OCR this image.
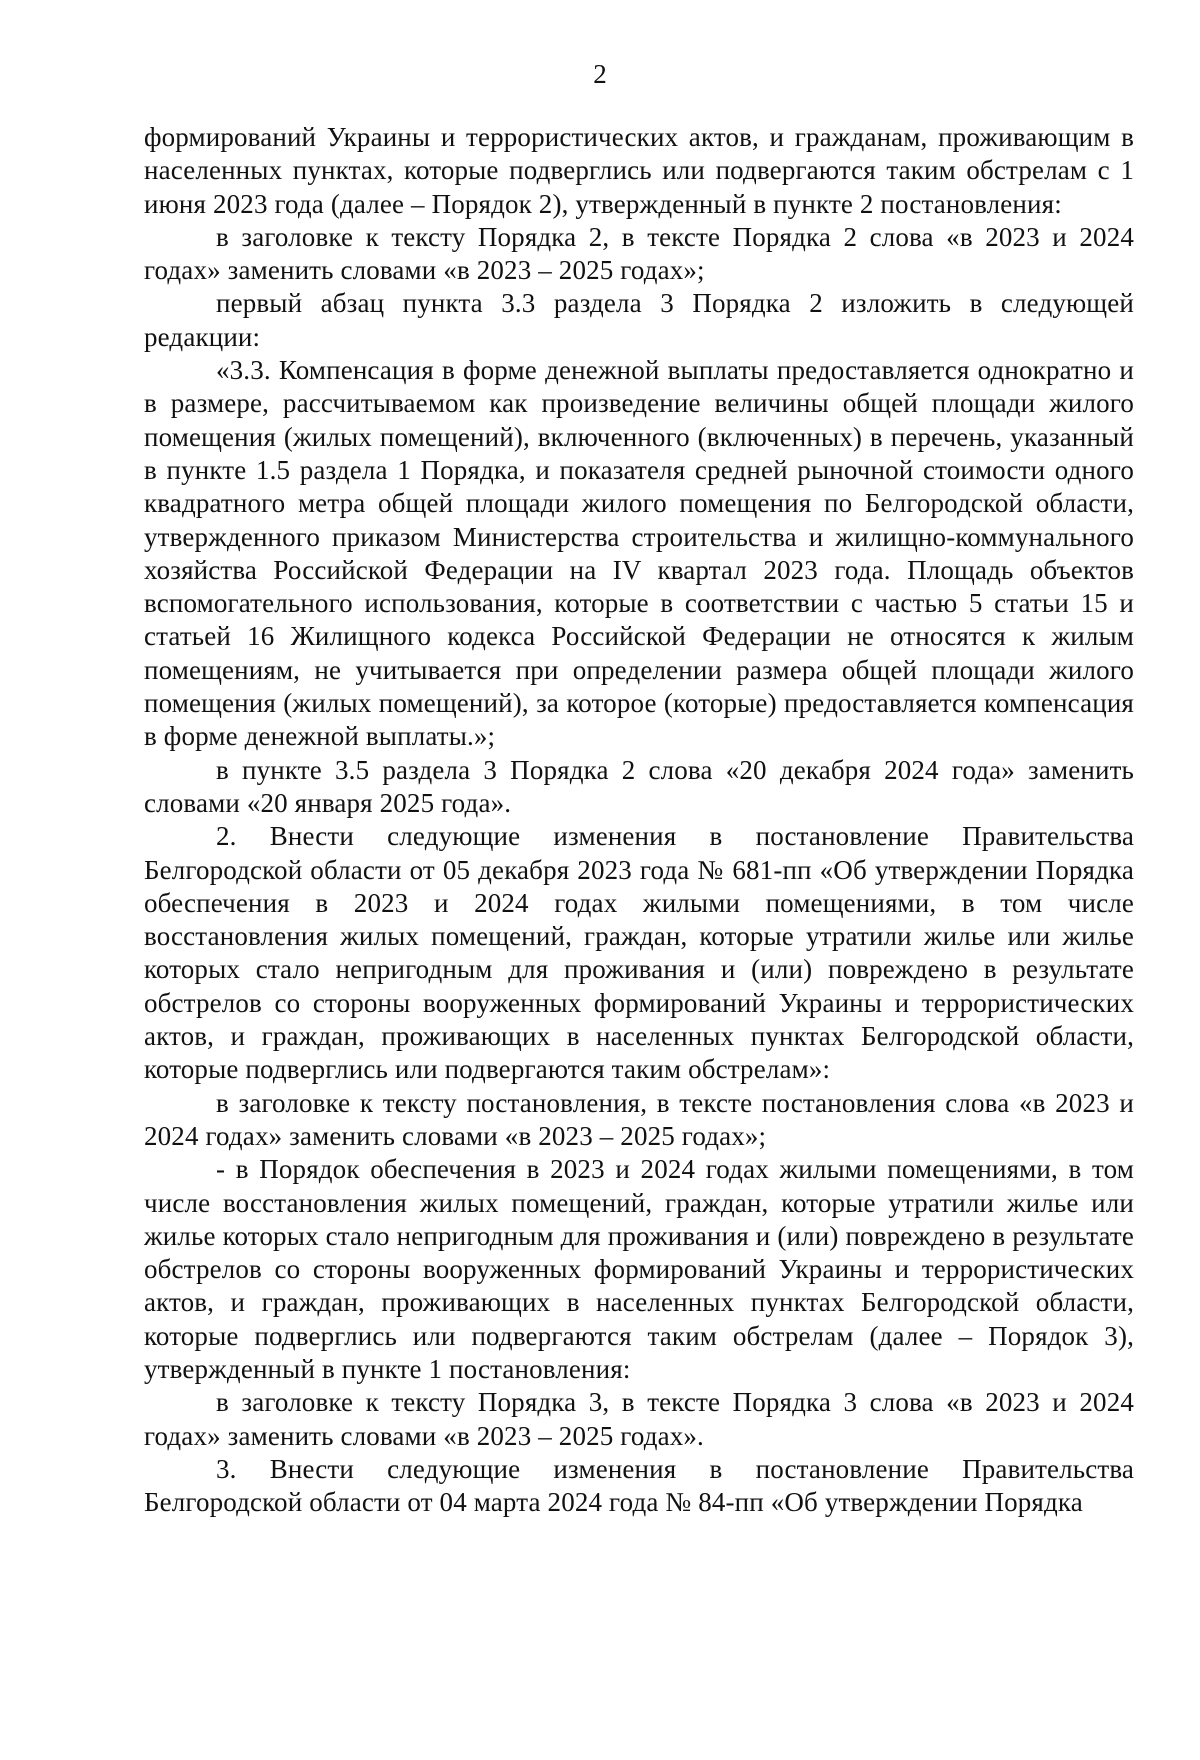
2

формирований Украины и террористических актов, и гражданам, проживающим в населенных пунктах, которые подверглись или подвергаются таким обстрелам с 1 июня 2023 года (далее – Порядок 2), утвержденный в пункте 2 постановления:

в заголовке к тексту Порядка 2, в тексте Порядка 2 слова «в 2023 и 2024 годах» заменить словами «в 2023 – 2025 годах»;

первый абзац пункта 3.3 раздела 3 Порядка 2 изложить в следующей редакции:

«3.3. Компенсация в форме денежной выплаты предоставляется однократно и в размере, рассчитываемом как произведение величины общей площади жилого помещения (жилых помещений), включенного (включенных) в перечень, указанный в пункте 1.5 раздела 1 Порядка, и показателя средней рыночной стоимости одного квадратного метра общей площади жилого помещения по Белгородской области, утвержденного приказом Министерства строительства и жилищно-коммунального хозяйства Российской Федерации на IV квартал 2023 года. Площадь объектов вспомогательного использования, которые в соответствии с частью 5 статьи 15 и статьей 16 Жилищного кодекса Российской Федерации не относятся к жилым помещениям, не учитывается при определении размера общей площади жилого помещения (жилых помещений), за которое (которые) предоставляется компенсация в форме денежной выплаты.»;

в пункте 3.5 раздела 3 Порядка 2 слова «20 декабря 2024 года» заменить словами «20 января 2025 года».

2. Внести следующие изменения в постановление Правительства Белгородской области от 05 декабря 2023 года № 681-пп «Об утверждении Порядка обеспечения в 2023 и 2024 годах жилыми помещениями, в том числе восстановления жилых помещений, граждан, которые утратили жилье или жилье которых стало непригодным для проживания и (или) повреждено в результате обстрелов со стороны вооруженных формирований Украины и террористических актов, и граждан, проживающих в населенных пунктах Белгородской области, которые подверглись или подвергаются таким обстрелам»:

в заголовке к тексту постановления, в тексте постановления слова «в 2023 и 2024 годах» заменить словами «в 2023 – 2025 годах»;

- в Порядок обеспечения в 2023 и 2024 годах жилыми помещениями, в том числе восстановления жилых помещений, граждан, которые утратили жилье или жилье которых стало непригодным для проживания и (или) повреждено в результате обстрелов со стороны вооруженных формирований Украины и террористических актов, и граждан, проживающих в населенных пунктах Белгородской области, которые подверглись или подвергаются таким обстрелам (далее – Порядок 3), утвержденный в пункте 1 постановления:

в заголовке к тексту Порядка 3, в тексте Порядка 3 слова «в 2023 и 2024 годах» заменить словами «в 2023 – 2025 годах».

3. Внести следующие изменения в постановление Правительства Белгородской области от 04 марта 2024 года № 84-пп «Об утверждении Порядка
